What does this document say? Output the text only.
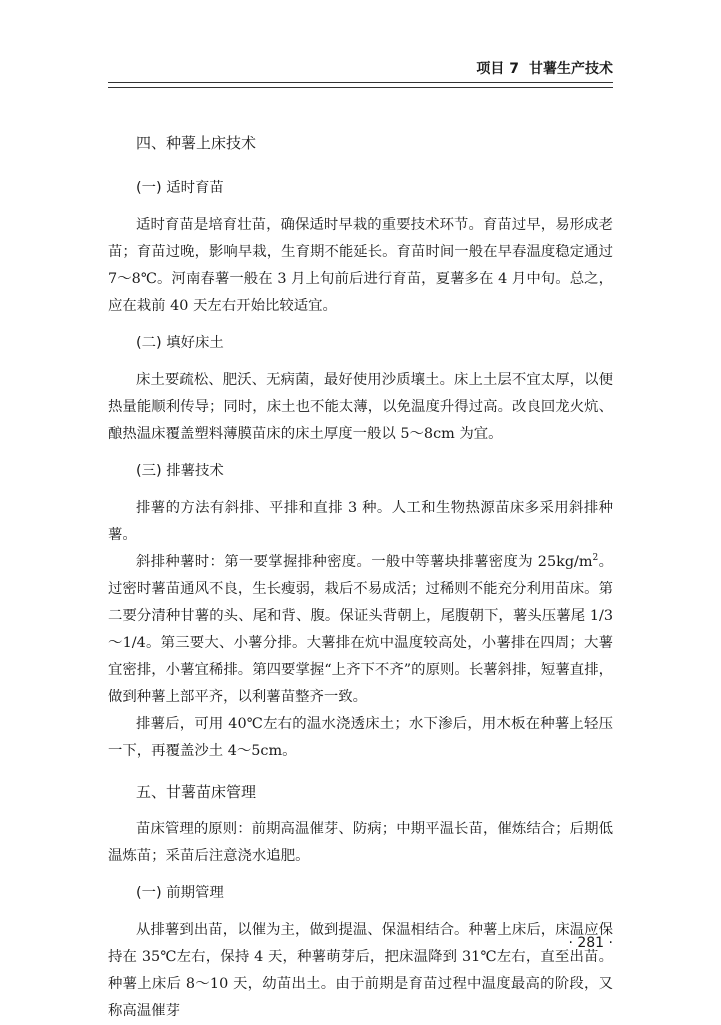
项目 7 甘薯生产技术
四、种薯上床技术
(一) 适时育苗

适时育苗是培育壮苗，确保适时早栽的重要技术环节。育苗过早，易形成老苗；育苗过晚，影响早栽，生育期不能延长。育苗时间一般在早春温度稳定通过 7～8℃。河南春薯一般在 3 月上旬前后进行育苗，夏薯多在 4 月中旬。总之，应在栽前 40 天左右开始比较适宜。

(二) 填好床土

床土要疏松、肥沃、无病菌，最好使用沙质壤土。床上土层不宜太厚，以便热量能顺利传导；同时，床土也不能太薄，以免温度升得过高。改良回龙火炕、酿热温床覆盖塑料薄膜苗床的床土厚度一般以 5～8cm 为宜。

(三) 排薯技术

排薯的方法有斜排、平排和直排 3 种。人工和生物热源苗床多采用斜排种薯。

斜排种薯时：第一要掌握排种密度。一般中等薯块排薯密度为 $25kg/m^2$。过密时薯苗通风不良，生长瘦弱，栽后不易成活；过稀则不能充分利用苗床。第二要分清种甘薯的头、尾和背、腹。保证头背朝上，尾腹朝下，薯头压薯尾 1/3～1/4。第三要大、小薯分排。大薯排在炕中温度较高处，小薯排在四周；大薯宜密排，小薯宜稀排。第四要掌握“上齐下不齐”的原则。长薯斜排，短薯直排，做到种薯上部平齐，以利薯苗整齐一致。

排薯后，可用 40℃左右的温水浇透床土；水下渗后，用木板在种薯上轻压一下，再覆盖沙土 4～5cm。

五、甘薯苗床管理

苗床管理的原则：前期高温催芽、防病；中期平温长苗，催炼结合；后期低温炼苗；采苗后注意浇水追肥。

(一) 前期管理

从排薯到出苗，以催为主，做到提温、保温相结合。种薯上床后，床温应保持在 35℃左右，保持 4 天，种薯萌芽后，把床温降到 31℃左右，直至出苗。种薯上床后 8～10 天，幼苗出土。由于前期是育苗过程中温度最高的阶段，又称高温催芽

· 281 ·
